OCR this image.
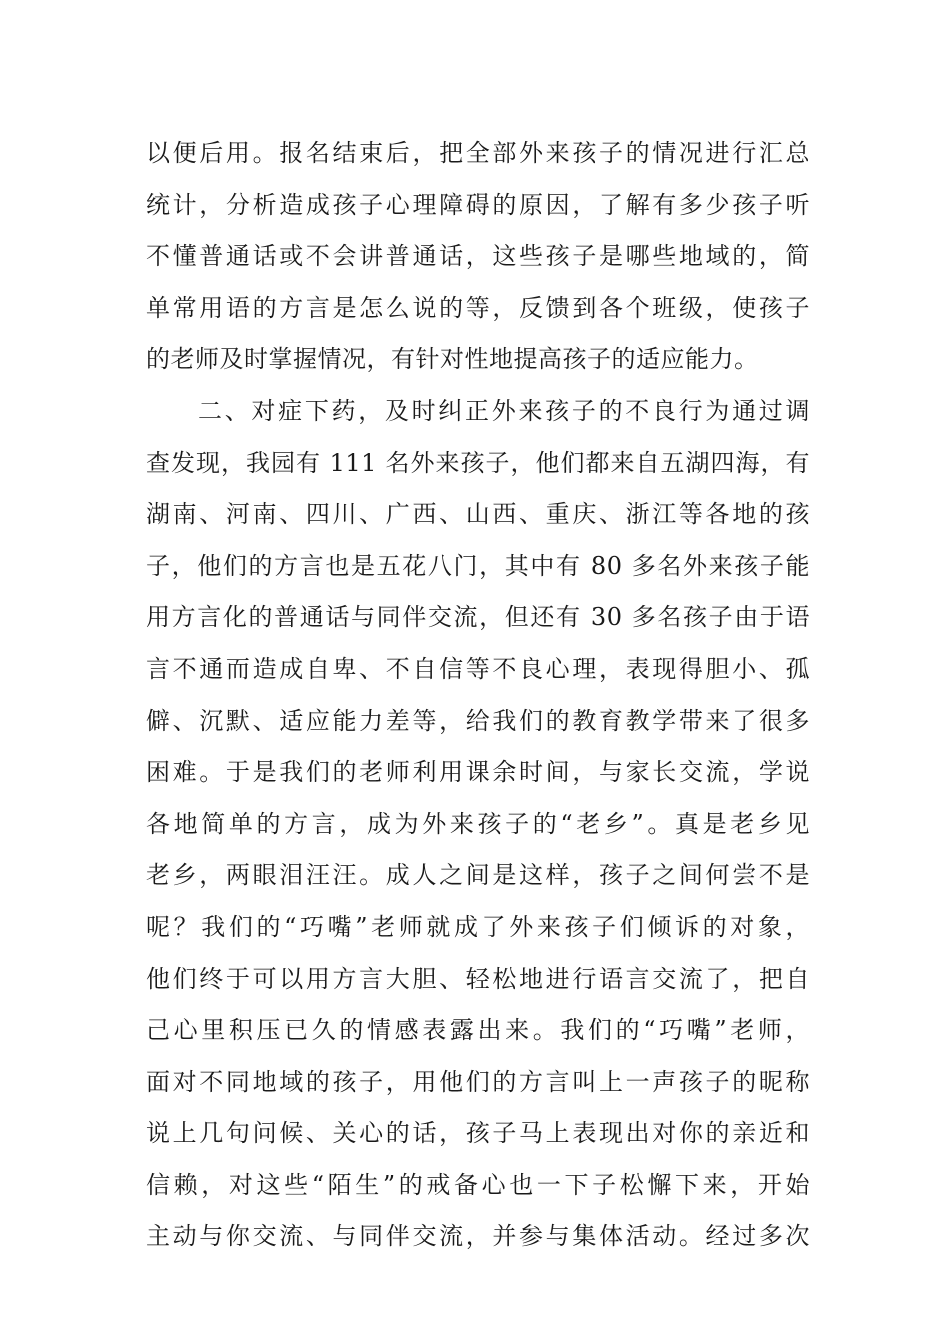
以便后用。报名结束后，把全部外来孩子的情况进行汇总
统计，分析造成孩子心理障碍的原因，了解有多少孩子听
不懂普通话或不会讲普通话，这些孩子是哪些地域的，简
单常用语的方言是怎么说的等，反馈到各个班级，使孩子
的老师及时掌握情况，有针对性地提高孩子的适应能力。
二、对症下药，及时纠正外来孩子的不良行为通过调
查发现，我园有 111 名外来孩子，他们都来自五湖四海，有
湖南、河南、四川、广西、山西、重庆、浙江等各地的孩
子，他们的方言也是五花八门，其中有 80 多名外来孩子能
用方言化的普通话与同伴交流，但还有 30 多名孩子由于语
言不通而造成自卑、不自信等不良心理，表现得胆小、孤
僻、沉默、适应能力差等，给我们的教育教学带来了很多
困难。于是我们的老师利用课余时间，与家长交流，学说
各地简单的方言，成为外来孩子的“老乡”。真是老乡见
老乡，两眼泪汪汪。成人之间是这样，孩子之间何尝不是
呢？我们的“巧嘴”老师就成了外来孩子们倾诉的对象，
他们终于可以用方言大胆、轻松地进行语言交流了，把自
己心里积压已久的情感表露出来。我们的“巧嘴”老师，
面对不同地域的孩子，用他们的方言叫上一声孩子的昵称
说上几句问候、关心的话，孩子马上表现出对你的亲近和
信赖，对这些“陌生”的戒备心也一下子松懈下来，开始
主动与你交流、与同伴交流，并参与集体活动。经过多次
